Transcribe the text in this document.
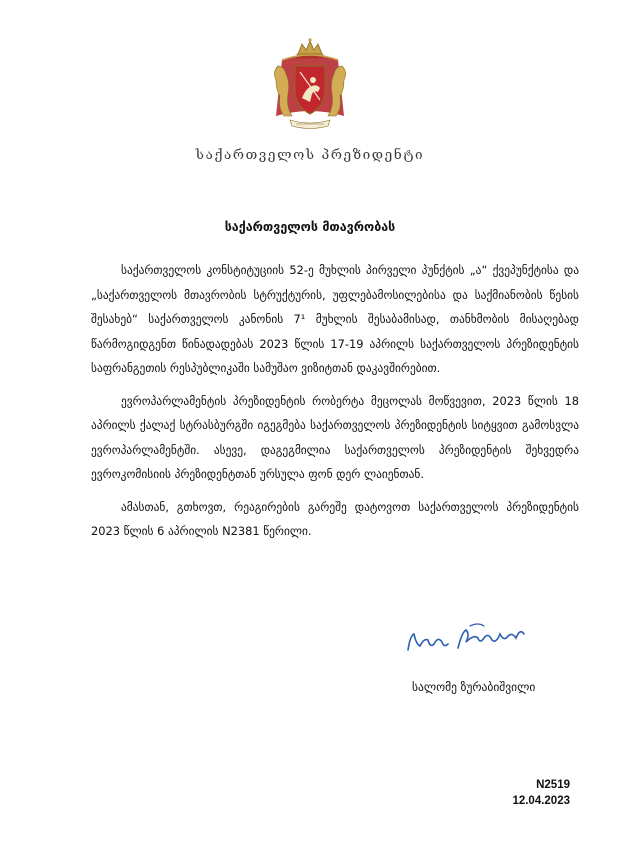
საქართველოს პრეზიდენტი
საქართველოს მთავრობას

საქართველოს კონსტიტუციის 52-ე მუხლის პირველი პუნქტის „ა“ ქვეპუნქტისა და „საქართველოს მთავრობის სტრუქტურის, უფლებამოსილებისა და საქმიანობის წესის შესახებ“ საქართველოს კანონის 7¹ მუხლის შესაბამისად, თანხმობის მისაღებად წარმოგიდგენთ წინადადებას 2023 წლის 17-19 აპრილს საქართველოს პრეზიდენტის საფრანგეთის რესპუბლიკაში სამუშაო ვიზიტთან დაკავშირებით.

ევროპარლამენტის პრეზიდენტის რობერტა მეცოლას მოწვევით, 2023 წლის 18 აპრილს ქალაქ სტრასბურგში იგეგმება საქართველოს პრეზიდენტის სიტყვით გამოსვლა ევროპარლამენტში. ასევე, დაგეგმილია საქართველოს პრეზიდენტის შეხვედრა ევროკომისიის პრეზიდენტთან ურსულა ფონ დერ ლაიენთან.

ამასთან, გთხოვთ, რეაგირების გარეშე დატოვოთ საქართველოს პრეზიდენტის 2023 წლის 6 აპრილის N2381 წერილი.

სალომე ზურაბიშვილი
N2519
12.04.2023
